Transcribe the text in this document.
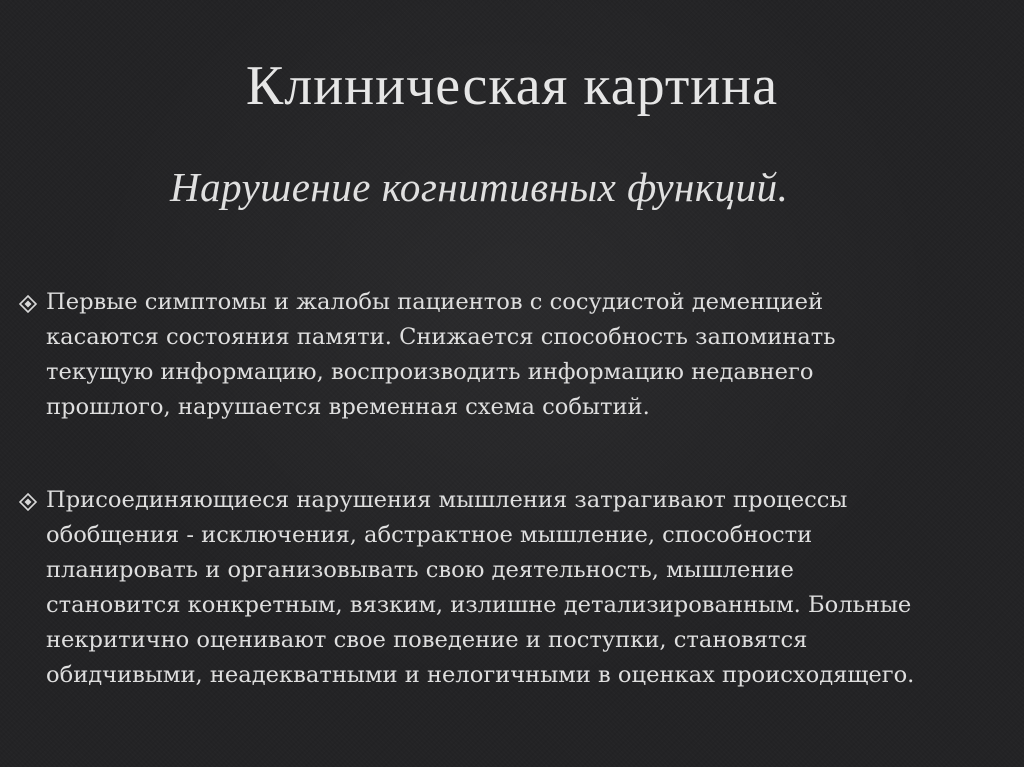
Клиническая картина
Нарушение когнитивных функций.
Первые симптомы и жалобы пациентов с сосудистой деменцией
касаются состояния памяти. Снижается способность запоминать
текущую информацию, воспроизводить информацию недавнего
прошлого, нарушается временная схема событий.
Присоединяющиеся нарушения мышления затрагивают процессы
обобщения - исключения, абстрактное мышление, способности
планировать и организовывать свою деятельность, мышление
становится конкретным, вязким, излишне детализированным. Больные
некритично оценивают свое поведение и поступки, становятся
обидчивыми, неадекватными и нелогичными в оценках происходящего.
